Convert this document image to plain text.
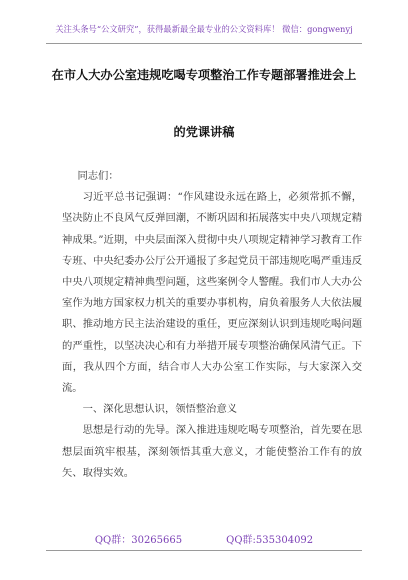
关注头条号“公文研究”，获得最新最全最专业的公文资料库！ 微信：gongwenyj
在市人大办公室违规吃喝专项整治工作专题部署推进会上
的党课讲稿

同志们：

习近平总书记强调：“作风建设永远在路上，必须常抓不懈，坚决防止不良风气反弹回潮，不断巩固和拓展落实中央八项规定精神成果。”近期，中央层面深入贯彻中央八项规定精神学习教育工作专班、中央纪委办公厅公开通报了多起党员干部违规吃喝严重违反中央八项规定精神典型问题，这些案例令人警醒。我们市人大办公室作为地方国家权力机关的重要办事机构，肩负着服务人大依法履职、推动地方民主法治建设的重任，更应深刻认识到违规吃喝问题的严重性，以坚决决心和有力举措开展专项整治确保风清气正。下面，我从四个方面，结合市人大办公室工作实际，与大家深入交流。

一、深化思想认识，领悟整治意义

思想是行动的先导。深入推进违规吃喝专项整治，首先要在思想层面筑牢根基，深刻领悟其重大意义，才能使整治工作有的放矢、取得实效。

QQ群：30265665	QQ群:535304092
